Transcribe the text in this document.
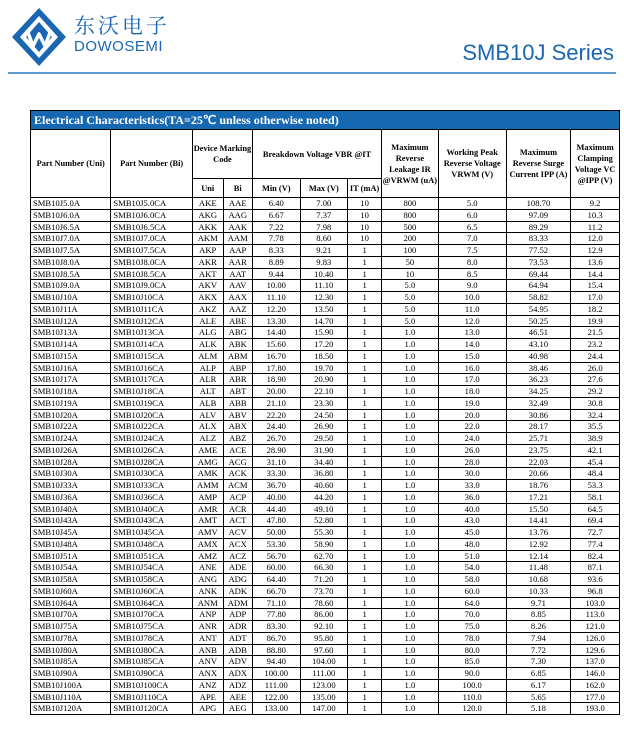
东沃电子
DOWOSEMI	SMB10J Series
Electrical Characteristics(TA=25℃ unless otherwise noted)
Part Number (Uni)	Part Number (Bi)	Device Marking Code		Breakdown Voltage VBR @IT			Maximum Reverse Leakage IR @VRWM (uA)	Working Peak Reverse Voltage VRWM (V)	Maximum Reverse Surge Current IPP (A)	Maximum Clamping Voltage VC @IPP (V)
		Uni	Bi	Min (V)	Max (V)	IT (mA)				
SMB10J5.0A	SMB10J5.0CA	AKE	AAE	6.40	7.00	10	800	5.0	108.70	9.2
SMB10J6.0A	SMB10J6.0CA	AKG	AAG	6.67	7.37	10	800	6.0	97.09	10.3
SMB10J6.5A	SMB10J6.5CA	AKK	AAK	7.22	7.98	10	500	6.5	89.29	11.2
SMB10J7.0A	SMB10J7.0CA	AKM	AAM	7.78	8.60	10	200	7.0	83.33	12.0
SMB10J7.5A	SMB10J7.5CA	AKP	AAP	8.33	9.21	1	100	7.5	77.52	12.9
SMB10J8.0A	SMB10J8.0CA	AKR	AAR	8.89	9.83	1	50	8.0	73.53	13.6
SMB10J8.5A	SMB10J8.5CA	AKT	AAT	9.44	10.40	1	10	8.5	69.44	14.4
SMB10J9.0A	SMB10J9.0CA	AKV	AAV	10.00	11.10	1	5.0	9.0	64.94	15.4
SMB10J10A	SMB10J10CA	AKX	AAX	11.10	12.30	1	5.0	10.0	58.82	17.0
SMB10J11A	SMB10J11CA	AKZ	AAZ	12.20	13.50	1	5.0	11.0	54.95	18.2
SMB10J12A	SMB10J12CA	ALE	ABE	13.30	14.70	1	5.0	12.0	50.25	19.9
SMB10J13A	SMB10J13CA	ALG	ABG	14.40	15.90	1	1.0	13.0	46.51	21.5
SMB10J14A	SMB10J14CA	ALK	ABK	15.60	17.20	1	1.0	14.0	43.10	23.2
SMB10J15A	SMB10J15CA	ALM	ABM	16.70	18.50	1	1.0	15.0	40.98	24.4
SMB10J16A	SMB10J16CA	ALP	ABP	17.80	19.70	1	1.0	16.0	38.46	26.0
SMB10J17A	SMB10J17CA	ALR	ABR	18.90	20.90	1	1.0	17.0	36.23	27.6
SMB10J18A	SMB10J18CA	ALT	ABT	20.00	22.10	1	1.0	18.0	34.25	29.2
SMB10J19A	SMB10J19CA	ALB	ABB	21.10	23.30	1	1.0	19.0	32.49	30.8
SMB10J20A	SMB10J20CA	ALV	ABV	22.20	24.50	1	1.0	20.0	30.86	32.4
SMB10J22A	SMB10J22CA	ALX	ABX	24.40	26.90	1	1.0	22.0	28.17	35.5
SMB10J24A	SMB10J24CA	ALZ	ABZ	26.70	29.50	1	1.0	24.0	25.71	38.9
SMB10J26A	SMB10J26CA	AME	ACE	28.90	31.90	1	1.0	26.0	23.75	42.1
SMB10J28A	SMB10J28CA	AMG	ACG	31.10	34.40	1	1.0	28.0	22.03	45.4
SMB10J30A	SMB10J30CA	AMK	ACK	33.30	36.80	1	1.0	30.0	20.66	48.4
SMB10J33A	SMB10J33CA	AMM	ACM	36.70	40.60	1	1.0	33.0	18.76	53.3
SMB10J36A	SMB10J36CA	AMP	ACP	40.00	44.20	1	1.0	36.0	17.21	58.1
SMB10J40A	SMB10J40CA	AMR	ACR	44.40	49.10	1	1.0	40.0	15.50	64.5
SMB10J43A	SMB10J43CA	AMT	ACT	47.80	52.80	1	1.0	43.0	14.41	69.4
SMB10J45A	SMB10J45CA	AMV	ACV	50.00	55.30	1	1.0	45.0	13.76	72.7
SMB10J48A	SMB10J48CA	AMX	ACX	53.30	58.90	1	1.0	48.0	12.92	77.4
SMB10J51A	SMB10J51CA	AMZ	ACZ	56.70	62.70	1	1.0	51.0	12.14	82.4
SMB10J54A	SMB10J54CA	ANE	ADE	60.00	66.30	1	1.0	54.0	11.48	87.1
SMB10J58A	SMB10J58CA	ANG	ADG	64.40	71.20	1	1.0	58.0	10.68	93.6
SMB10J60A	SMB10J60CA	ANK	ADK	66.70	73.70	1	1.0	60.0	10.33	96.8
SMB10J64A	SMB10J64CA	ANM	ADM	71.10	78.60	1	1.0	64.0	9.71	103.0
SMB10J70A	SMB10J70CA	ANP	ADP	77.80	86.00	1	1.0	70.0	8.85	113.0
SMB10J75A	SMB10J75CA	ANR	ADR	83.30	92.10	1	1.0	75.0	8.26	121.0
SMB10J78A	SMB10J78CA	ANT	ADT	86.70	95.80	1	1.0	78.0	7.94	126.0
SMB10J80A	SMB10J80CA	ANB	ADB	88.80	97.60	1	1.0	80.0	7.72	129.6
SMB10J85A	SMB10J85CA	ANV	ADV	94.40	104.00	1	1.0	85.0	7.30	137.0
SMB10J90A	SMB10J90CA	ANX	ADX	100.00	111.00	1	1.0	90.0	6.85	146.0
SMB10J100A	SMB10J100CA	ANZ	ADZ	111.00	123.00	1	1.0	100.0	6.17	162.0
SMB10J110A	SMB10J110CA	APE	AEE	122.00	135.00	1	1.0	110.0	5.65	177.0
SMB10J120A	SMB10J120CA	APG	AEG	133.00	147.00	1	1.0	120.0	5.18	193.0
